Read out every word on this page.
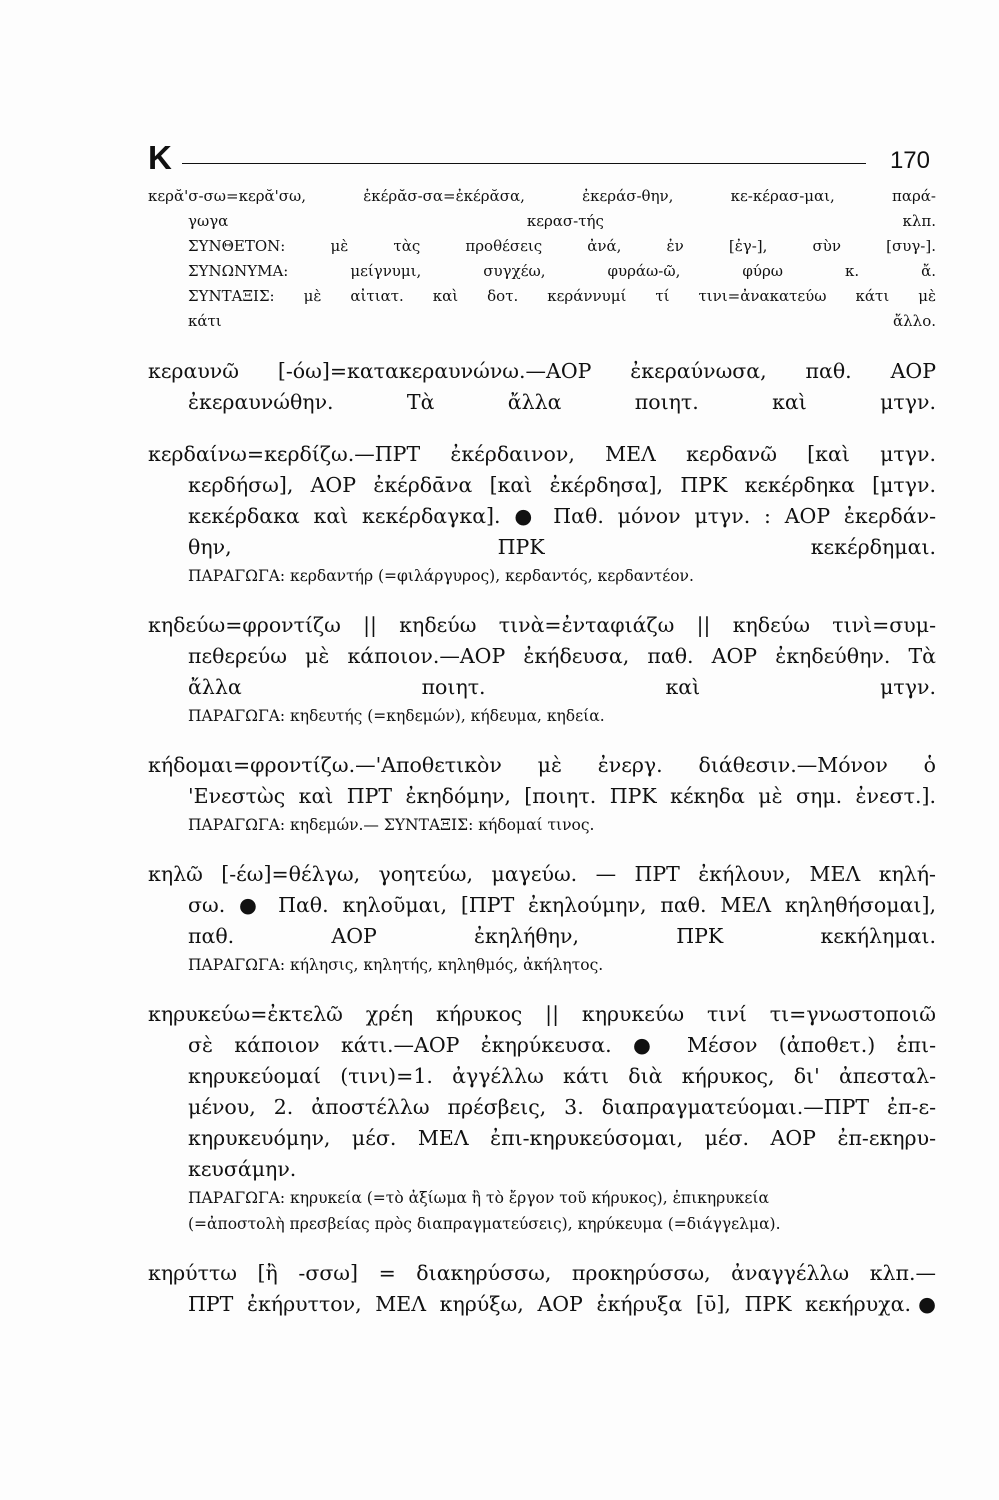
K	170
κερᾰ'σ-σω=κερᾰ'σω, ἐκέρᾰσ-σα=ἐκέρᾰσα, ἐκεράσ-θην, κε-κέρασ-μαι, παρά-
γωγα κερασ-τής κλπ.
ΣΥΝΘΕΤΟΝ: μὲ τὰς προθέσεις ἀνά, ἐν [ἐγ-], σὺν [συγ-].
ΣΥΝΩΝΥΜΑ: μείγνυμι, συγχέω, φυράω-ῶ, φύρω κ. ἄ.
ΣΥΝΤΑΞΙΣ: μὲ αἰτιατ. καὶ δοτ. κεράννυμί τί τινι=ἀνακατεύω κάτι μὲ
κάτι ἄλλο.
κεραυνῶ [-όω]=κατακεραυνώνω.—ΑΟΡ ἐκεραύνωσα, παθ. ΑΟΡ
ἐκεραυνώθην. Τὰ ἄλλα ποιητ. καὶ μτγν.
κερδαίνω=κερδίζω.—ΠΡΤ ἐκέρδαινον, ΜΕΛ κερδανῶ [καὶ μτγν.
κερδήσω], ΑΟΡ ἐκέρδᾱνα [καὶ ἐκέρδησα], ΠΡΚ κεκέρδηκα [μτγν.
κεκέρδακα καὶ κεκέρδαγκα]. ● Παθ. μόνον μτγν. : ΑΟΡ ἐκερδάν-
θην, ΠΡΚ κεκέρδημαι.
ΠΑΡΑΓΩΓΑ: κερδαντήρ (=φιλάργυρος), κερδαντός, κερδαντέον.
κηδεύω=φροντίζω || κηδεύω τινὰ=ἐνταφιάζω || κηδεύω τινὶ=συμ-
πεθερεύω μὲ κάποιον.—ΑΟΡ ἐκήδευσα, παθ. ΑΟΡ ἐκηδεύθην. Τὰ
ἄλλα ποιητ. καὶ μτγν.
ΠΑΡΑΓΩΓΑ: κηδευτής (=κηδεμών), κήδευμα, κηδεία.
κήδομαι=φροντίζω.—'Αποθετικὸν μὲ ἐνεργ. διάθεσιν.—Μόνον ὁ
'Ενεστὼς καὶ ΠΡΤ ἐκηδόμην, [ποιητ. ΠΡΚ κέκηδα μὲ σημ. ἐνεστ.].
ΠΑΡΑΓΩΓΑ: κηδεμών.— ΣΥΝΤΑΞΙΣ: κήδομαί τινος.
κηλῶ [-έω]=θέλγω, γοητεύω, μαγεύω. — ΠΡΤ ἐκήλουν, ΜΕΛ κηλή-
σω. ● Παθ. κηλοῦμαι, [ΠΡΤ ἐκηλούμην, παθ. ΜΕΛ κηληθήσομαι],
παθ. ΑΟΡ ἐκηλήθην, ΠΡΚ κεκήλημαι.
ΠΑΡΑΓΩΓΑ: κήλησις, κηλητής, κηληθμός, ἀκήλητος.
κηρυκεύω=ἐκτελῶ χρέη κήρυκος || κηρυκεύω τινί τι=γνωστοποιῶ
σὲ κάποιον κάτι.—ΑΟΡ ἐκηρύκευσα. ● Μέσον (ἀποθετ.) ἐπι-
κηρυκεύομαί (τινι)=1. ἀγγέλλω κάτι διὰ κήρυκος, δι' ἀπεσταλ-
μένου, 2. ἀποστέλλω πρέσβεις, 3. διαπραγματεύομαι.—ΠΡΤ ἐπ-ε-
κηρυκευόμην, μέσ. ΜΕΛ ἐπι-κηρυκεύσομαι, μέσ. ΑΟΡ ἐπ-εκηρυ-
κευσάμην.
ΠΑΡΑΓΩΓΑ: κηρυκεία (=τὸ ἀξίωμα ἢ τὸ ἔργον τοῦ κήρυκος), ἐπικηρυκεία
(=ἀποστολὴ πρεσβείας πρὸς διαπραγματεύσεις), κηρύκευμα (=διάγγελμα).
κηρύττω [ἢ -σσω] = διακηρύσσω, προκηρύσσω, ἀναγγέλλω κλπ.—
ΠΡΤ ἐκήρυττον, ΜΕΛ κηρύξω, ΑΟΡ ἐκήρυξα [ῡ], ΠΡΚ κεκήρυχα.●
